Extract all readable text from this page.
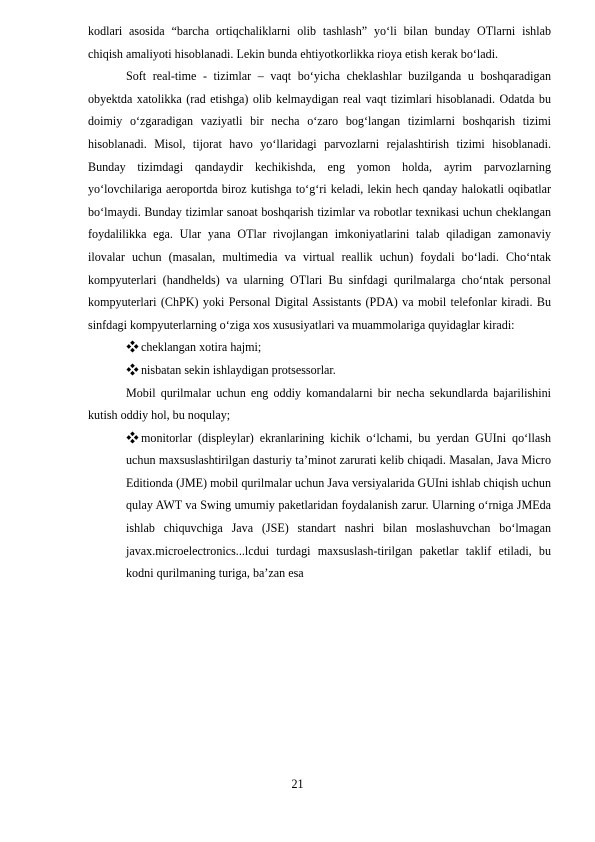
kodlari asosida “barcha ortiqchaliklarni olib tashlash” yo‘li bilan bunday OTlarni ishlab chiqish amaliyoti hisoblanadi. Lekin bunda ehtiyotkorlikka rioya etish kerak bo‘ladi.

Soft real-time - tizimlar – vaqt bo‘yicha cheklashlar buzilganda u boshqaradigan obyektda xatolikka (rad etishga) olib kelmaydigan real vaqt tizimlari hisoblanadi. Odatda bu doimiy o‘zgaradigan vaziyatli bir necha o‘zaro bog‘langan tizimlarni boshqarish tizimi hisoblanadi. Misol, tijorat havo yo‘llaridagi parvozlarni rejalashtirish tizimi hisoblanadi. Bunday tizimdagi qandaydir kechikishda, eng yomon holda, ayrim parvozlarning yo‘lovchilariga aeroportda biroz kutishga to‘g‘ri keladi, lekin hech qanday halokatli oqibatlar bo‘lmaydi. Bunday tizimlar sanoat boshqarish tizimlar va robotlar texnikasi uchun cheklangan foydalilikka ega. Ular yana OTlar rivojlangan imkoniyatlarini talab qiladigan zamonaviy ilovalar uchun (masalan, multimedia va virtual reallik uchun) foydali bo‘ladi. Cho‘ntak kompyuterlari (handhelds) va ularning OTlari Bu sinfdagi qurilmalarga cho‘ntak personal kompyuterlari (ChPK) yoki Personal Digital Assistants (PDA) va mobil telefonlar kiradi. Bu sinfdagi kompyuterlarning o‘ziga xos xususiyatlari va muammolariga quyidaglar kiradi:

cheklangan xotira hajmi;

nisbatan sekin ishlaydigan protsessorlar.

Mobil qurilmalar uchun eng oddiy komandalarni bir necha sekundlarda bajarilishini kutish oddiy hol, bu noqulay;

monitorlar (displeylar) ekranlarining kichik o‘lchami, bu yerdan GUIni qo‘llash uchun maxsuslashtirilgan dasturiy ta’minot zarurati kelib chiqadi. Masalan, Java Micro Editionda (JME) mobil qurilmalar uchun Java versiyalarida GUIni ishlab chiqish uchun qulay AWT va Swing umumiy paketlaridan foydalanish zarur. Ularning o‘rniga JMEda ishlab chiquvchiga Java (JSE) standart nashri bilan moslashuvchan bo‘lmagan javax.microelectronics...lcdui turdagi maxsuslash-tirilgan paketlar taklif etiladi, bu kodni qurilmaning turiga, ba’zan esa

21
